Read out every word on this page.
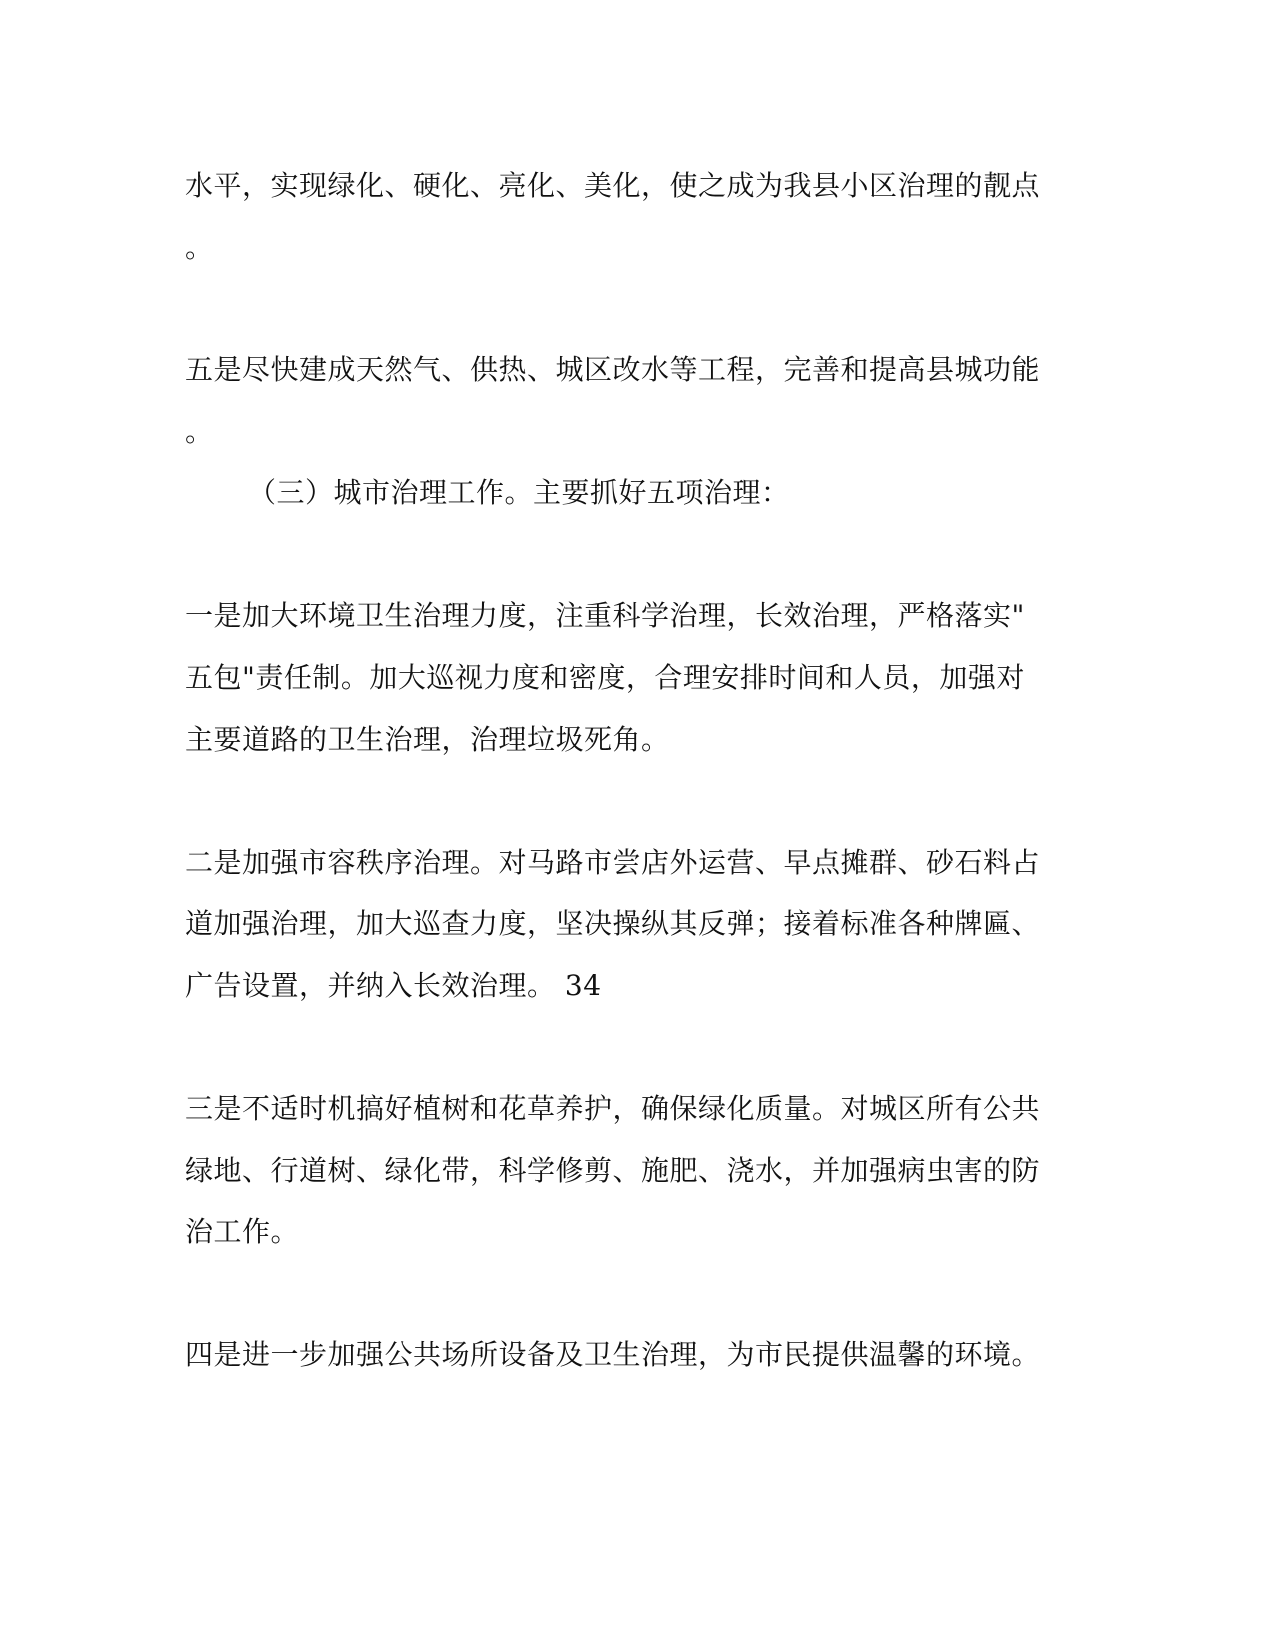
水平，实现绿化、硬化、亮化、美化，使之成为我县小区治理的靓点
。
五是尽快建成天然气、供热、城区改水等工程，完善和提高县城功能
。
（三）城市治理工作。主要抓好五项治理：
一是加大环境卫生治理力度，注重科学治理，长效治理，严格落实"
五包"责任制。加大巡视力度和密度，合理安排时间和人员，加强对
主要道路的卫生治理，治理垃圾死角。
二是加强市容秩序治理。对马路市尝店外运营、早点摊群、砂石料占
道加强治理，加大巡查力度，坚决操纵其反弹；接着标准各种牌匾、
广告设置，并纳入长效治理。 34
三是不适时机搞好植树和花草养护，确保绿化质量。对城区所有公共
绿地、行道树、绿化带，科学修剪、施肥、浇水，并加强病虫害的防
治工作。
四是进一步加强公共场所设备及卫生治理，为市民提供温馨的环境。
